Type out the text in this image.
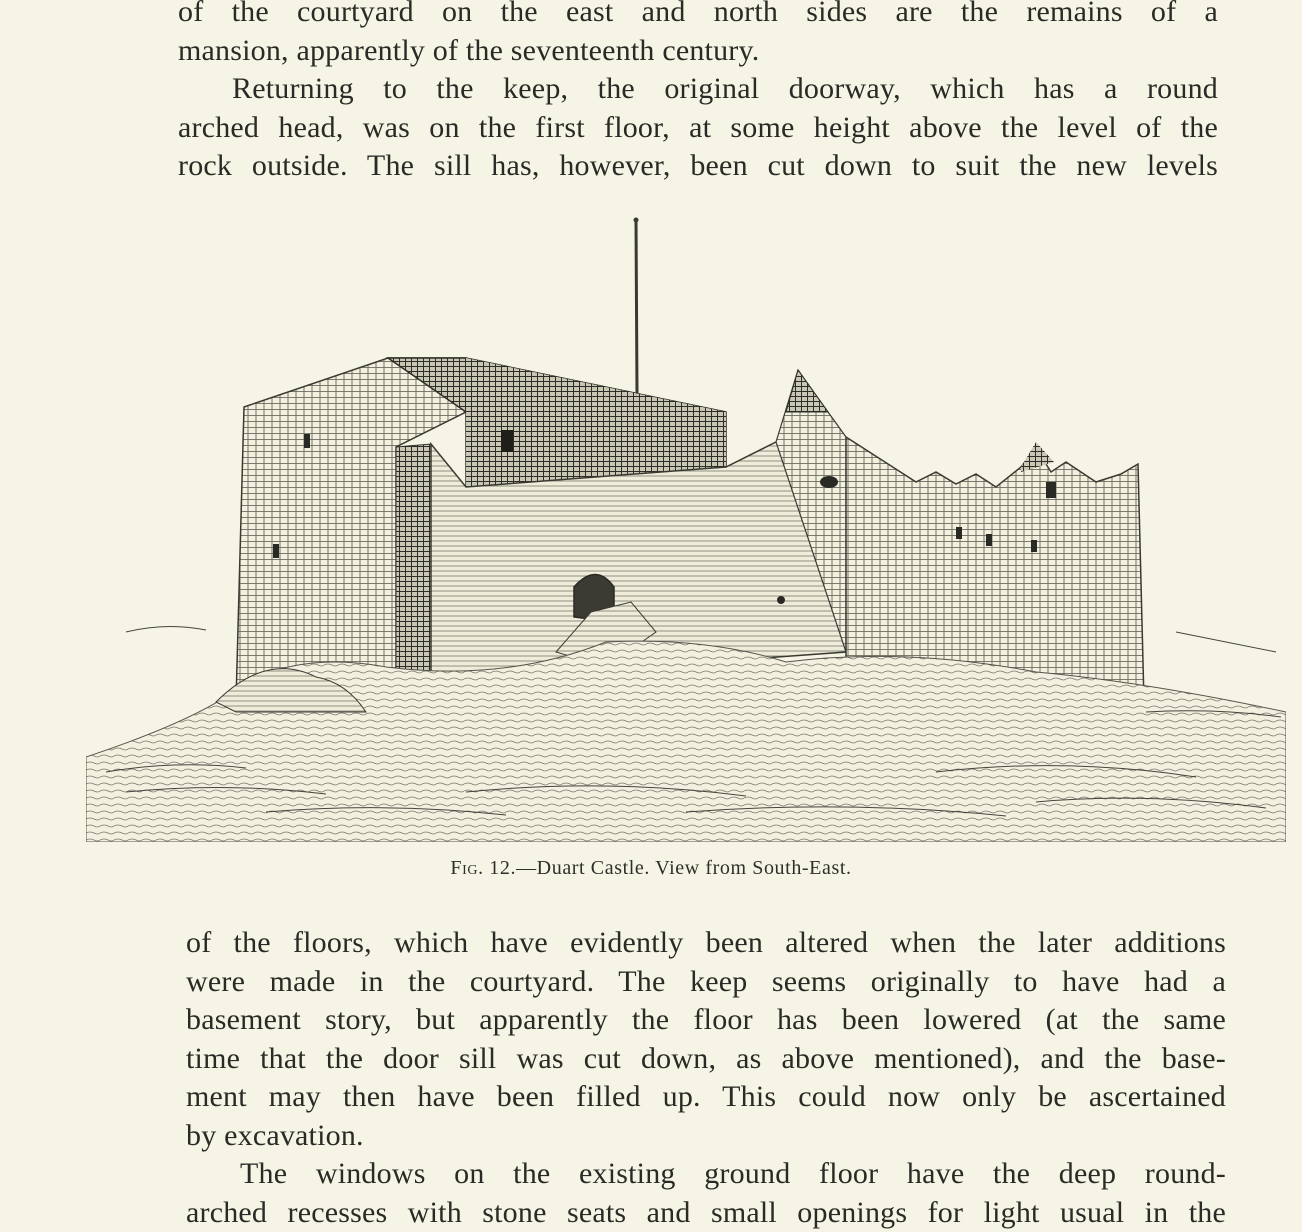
of the courtyard on the east and north sides are the remains of a
mansion, apparently of the seventeenth century.
Returning to the keep, the original doorway, which has a round
arched head, was on the first floor, at some height above the level of the
rock outside. The sill has, however, been cut down to suit the new levels
Fig. 12.—Duart Castle. View from South-East.
of the floors, which have evidently been altered when the later additions
were made in the courtyard. The keep seems originally to have had a
basement story, but apparently the floor has been lowered (at the same
time that the door sill was cut down, as above mentioned), and the base-
ment may then have been filled up. This could now only be ascertained
by excavation.
The windows on the existing ground floor have the deep round-
arched recesses with stone seats and small openings for light usual in the
